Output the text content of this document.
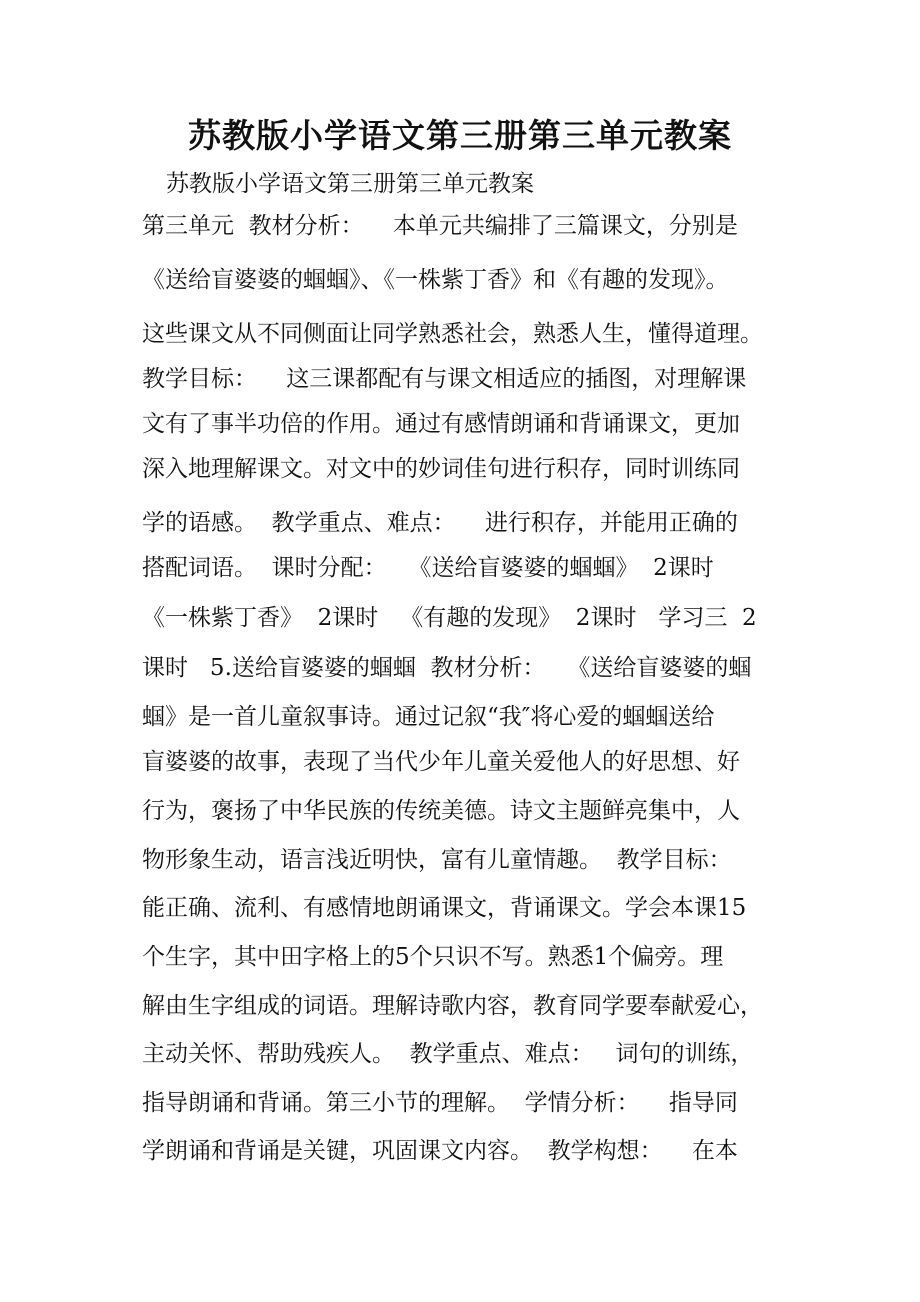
苏教版小学语文第三册第三单元教案
苏教版小学语文第三册第三单元教案
第三单元  教材分析：    本单元共编排了三篇课文，分别是
《送给盲婆婆的蝈蝈》、《一株紫丁香》和《有趣的发现》。
这些课文从不同侧面让同学熟悉社会，熟悉人生，懂得道理。
教学目标：    这三课都配有与课文相适应的插图，对理解课
文有了事半功倍的作用。通过有感情朗诵和背诵课文，更加
深入地理解课文。对文中的妙词佳句进行积存，同时训练同
学的语感。  教学重点、难点：    进行积存，并能用正确的
搭配词语。  课时分配：   《送给盲婆婆的蝈蝈》  2课时
《一株紫丁香》  2课时   《有趣的发现》  2课时   学习三  2
课时   5.送给盲婆婆的蝈蝈  教材分析：   《送给盲婆婆的蝈
蝈》是一首儿童叙事诗。通过记叙“我″将心爱的蝈蝈送给
盲婆婆的故事，表现了当代少年儿童关爱他人的好思想、好
行为，褒扬了中华民族的传统美德。诗文主题鲜亮集中，人
物形象生动，语言浅近明快，富有儿童情趣。  教学目标：
能正确、流利、有感情地朗诵课文，背诵课文。学会本课15
个生字，其中田字格上的5个只识不写。熟悉1个偏旁。理
解由生字组成的词语。理解诗歌内容，教育同学要奉献爱心，
主动关怀、帮助残疾人。  教学重点、难点：   词句的训练，
指导朗诵和背诵。第三小节的理解。  学情分析：    指导同
学朗诵和背诵是关键，巩固课文内容。  教学构想：    在本
